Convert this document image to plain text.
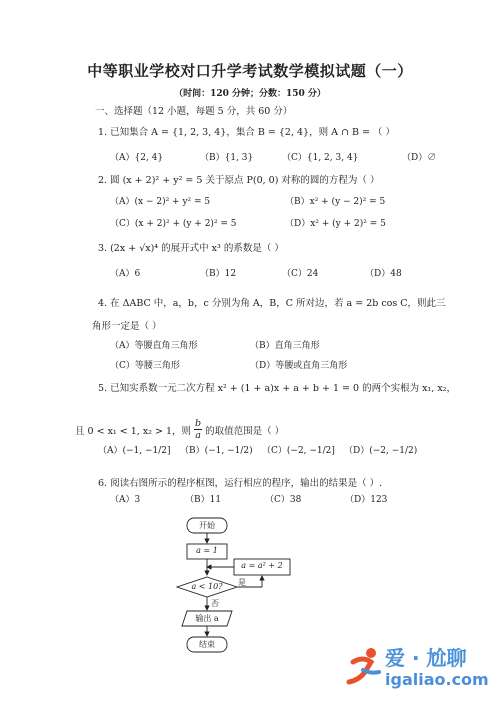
中等职业学校对口升学考试数学模拟试题（一）
（时间：120 分钟；分数：150 分）
一、选择题（12 小题，每题 5 分，共 60 分）
1. 已知集合 A = {1, 2, 3, 4}，集合 B = {2, 4}，则 A ∩ B = （ ）
（A）{2, 4}	（B）{1, 3}	（C）{1, 2, 3, 4}	（D）∅
2. 圆 (x + 2)² + y² = 5 关于原点 P(0, 0) 对称的圆的方程为（ ）
（A）(x − 2)² + y² = 5	（B）x² + (y − 2)² = 5
（C）(x + 2)² + (y + 2)² = 5	（D）x² + (y + 2)² = 5
3. (2x + √x)⁴ 的展开式中 x³ 的系数是（ ）
（A）6	（B）12	（C）24	（D）48
4. 在 ΔABC 中，a，b，c 分别为角 A，B，C 所对边，若 a = 2b cos C，则此三
角形一定是（ ）
（A）等腰直角三角形	（B）直角三角形
（C）等腰三角形	（D）等腰或直角三角形
5. 已知实系数一元二次方程 x² + (1 + a)x + a + b + 1 = 0 的两个实根为 x₁, x₂，
且 0 < x₁ < 1, x₂ > 1，则 $\frac{b}{a}$ 的取值范围是（ ）
（A）(−1, −1/2] （B）(−1, −1/2) （C）(−2, −1/2] （D）(−2, −1/2)
6. 阅读右图所示的程序框图，运行相应的程序，输出的结果是（ ）.
（A）3	（B）11	（C）38	（D）123
开始
a = 1
a = a² + 2
a < 10?	是
否
输出 a
结束
爱 · 尬聊
igaliao.com
